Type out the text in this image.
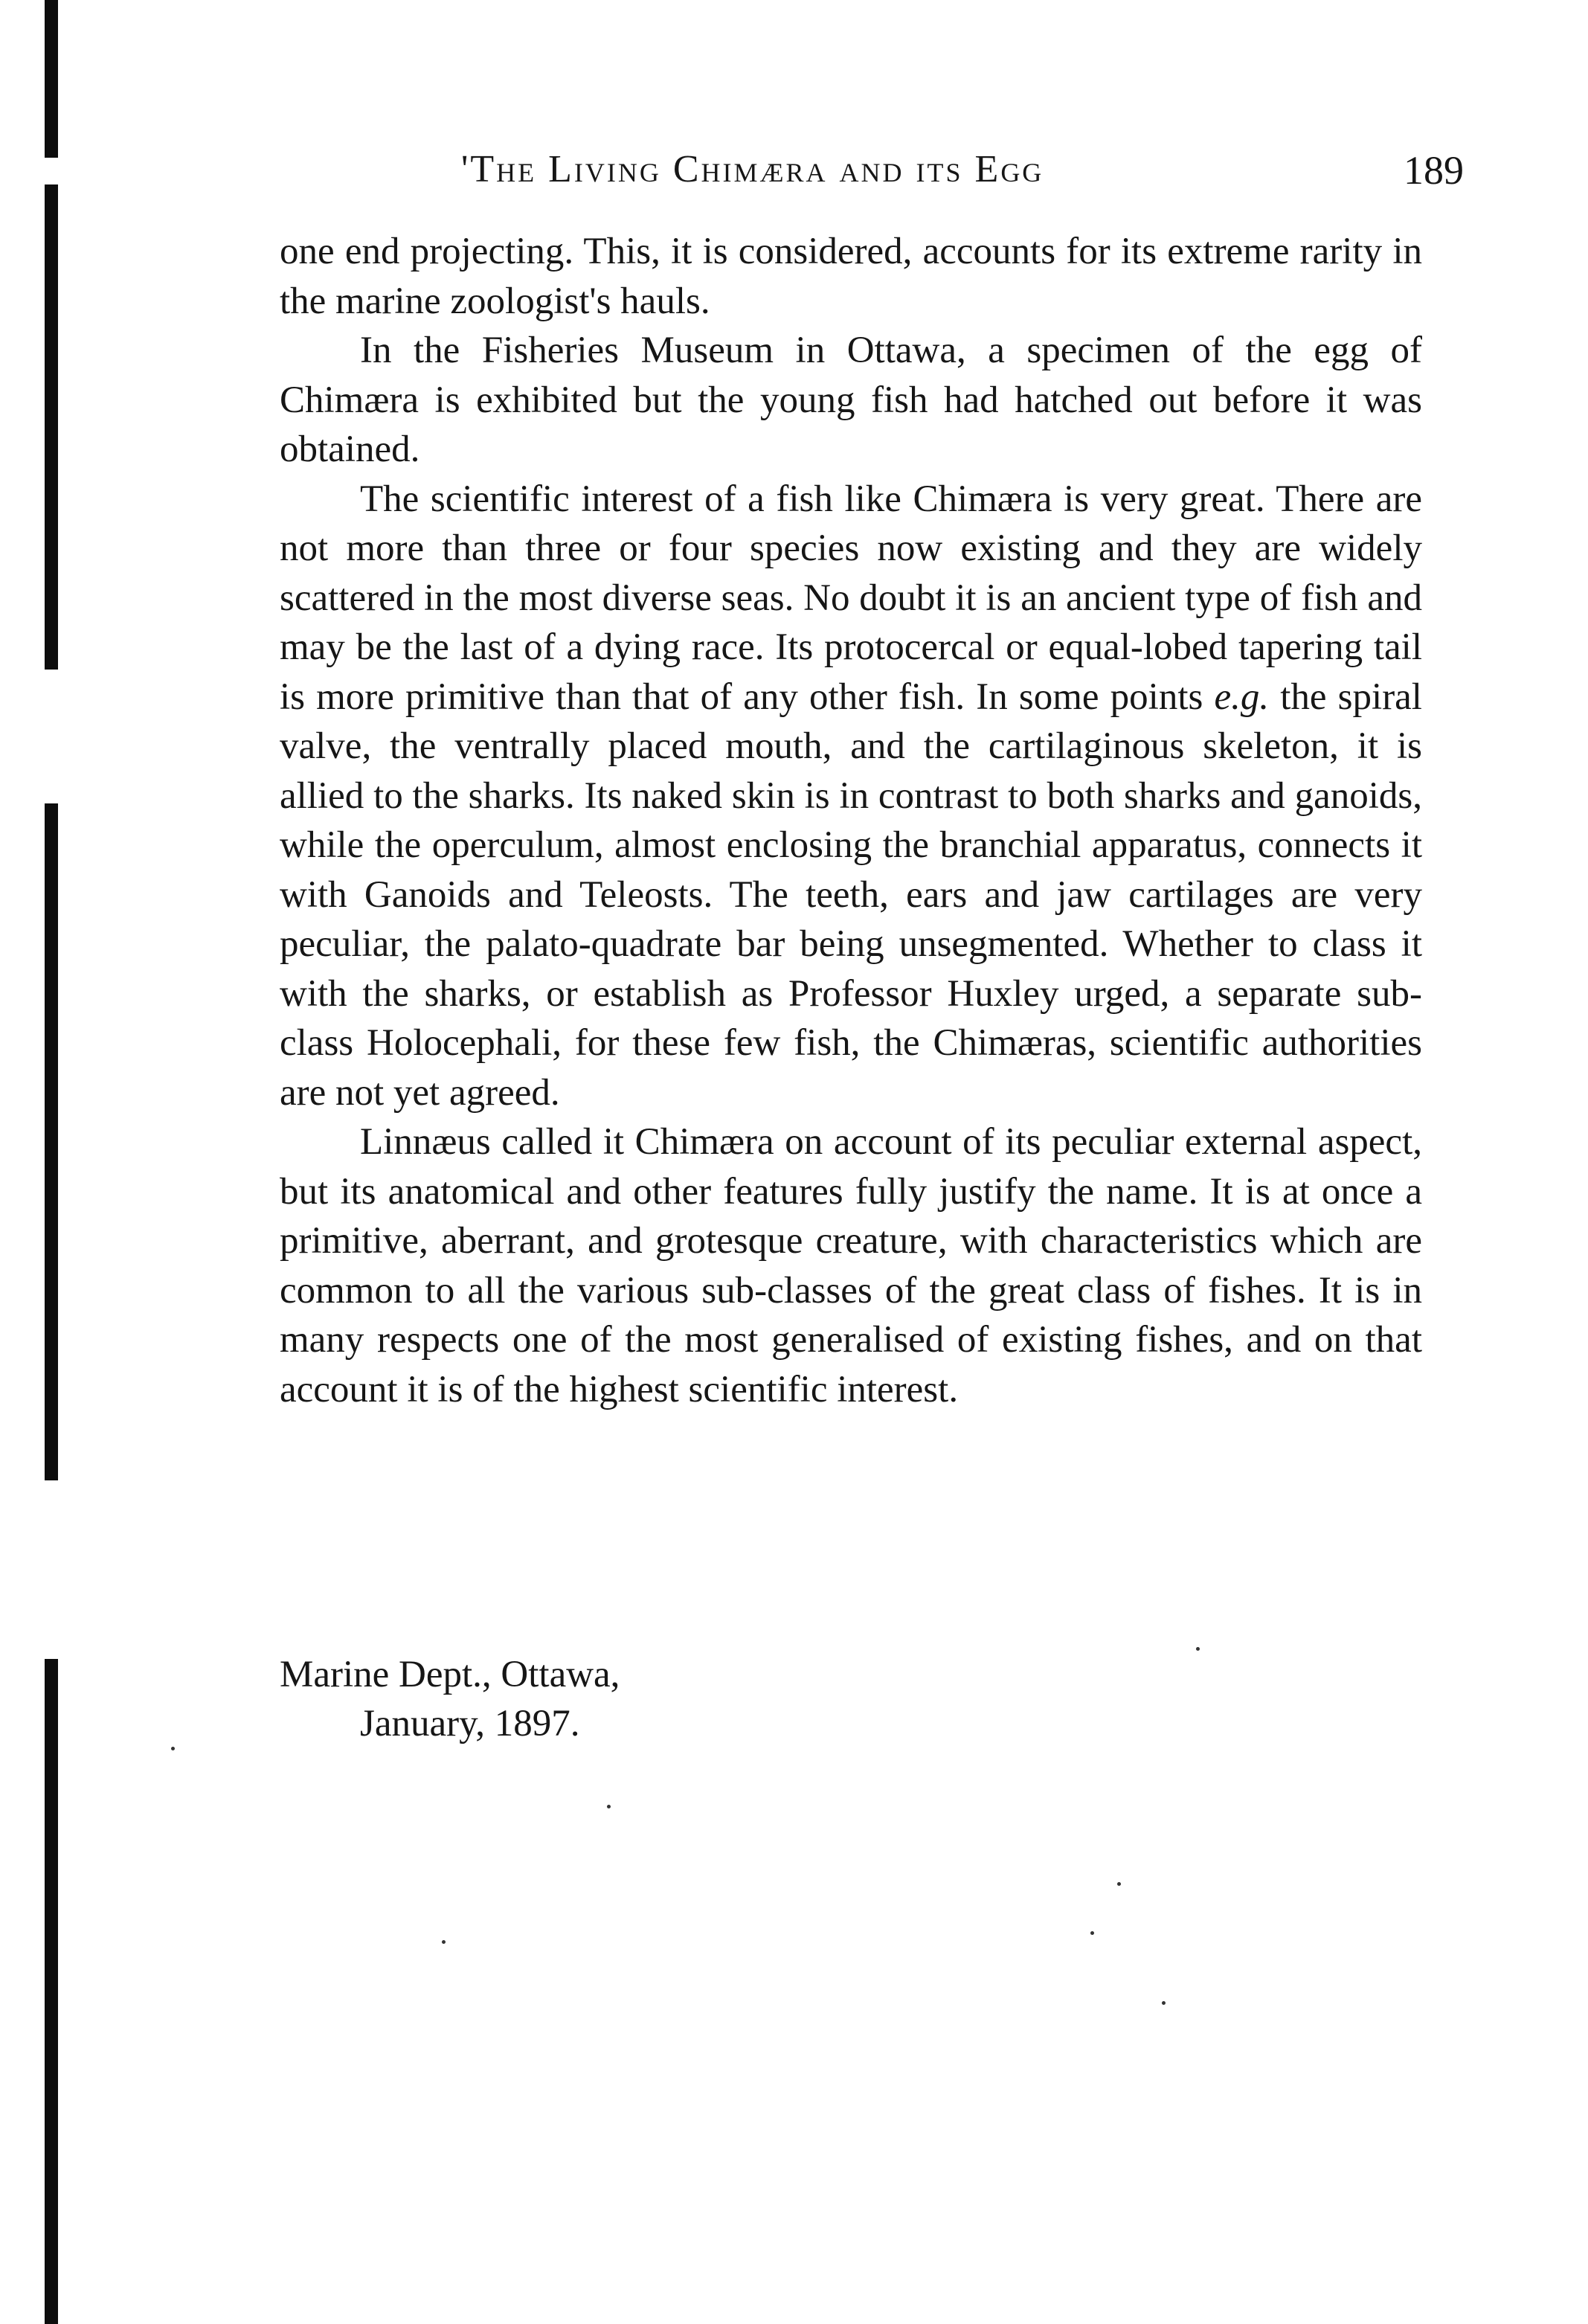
'The Living Chimæra and its Egg	189

one end projecting. This, it is considered, accounts for its extreme rarity in the marine zoologist's hauls.

In the Fisheries Museum in Ottawa, a specimen of the egg of Chimæra is exhibited but the young fish had hatched out before it was obtained.

The scientific interest of a fish like Chimæra is very great. There are not more than three or four species now existing and they are widely scattered in the most diverse seas. No doubt it is an ancient type of fish and may be the last of a dying race. Its protocercal or equal-lobed tapering tail is more primitive than that of any other fish. In some points e.g. the spiral valve, the ventrally placed mouth, and the cartilaginous skeleton, it is allied to the sharks. Its naked skin is in contrast to both sharks and ganoids, while the operculum, almost enclosing the branchial apparatus, connects it with Ganoids and Teleosts. The teeth, ears and jaw cartilages are very peculiar, the palato-quadrate bar being unsegmented. Whether to class it with the sharks, or establish as Professor Huxley urged, a separate sub-class Holocephali, for these few fish, the Chimæras, scientific authorities are not yet agreed.

Linnæus called it Chimæra on account of its peculiar external aspect, but its anatomical and other features fully justify the name. It is at once a primitive, aberrant, and grotesque creature, with characteristics which are common to all the various sub-classes of the great class of fishes. It is in many respects one of the most generalised of existing fishes, and on that account it is of the highest scientific interest.

Marine Dept., Ottawa,
January, 1897.
